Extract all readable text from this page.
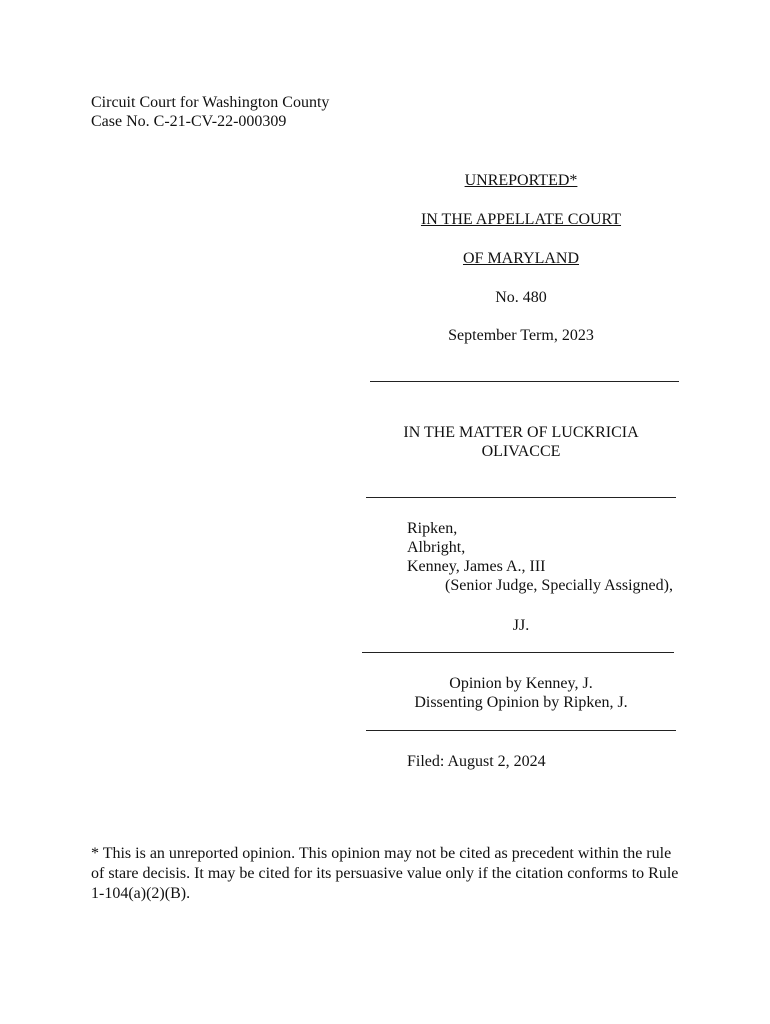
Circuit Court for Washington County
Case No. C-21-CV-22-000309
UNREPORTED*
IN THE APPELLATE COURT
OF MARYLAND
No. 480
September Term, 2023
IN THE MATTER OF LUCKRICIA
OLIVACCE
Ripken,
Albright,
Kenney, James A., III
(Senior Judge, Specially Assigned),
JJ.
Opinion by Kenney, J.
Dissenting Opinion by Ripken, J.
Filed: August 2, 2024
* This is an unreported opinion. This opinion may not be cited as precedent within the rule of stare decisis. It may be cited for its persuasive value only if the citation conforms to Rule 1-104(a)(2)(B).
